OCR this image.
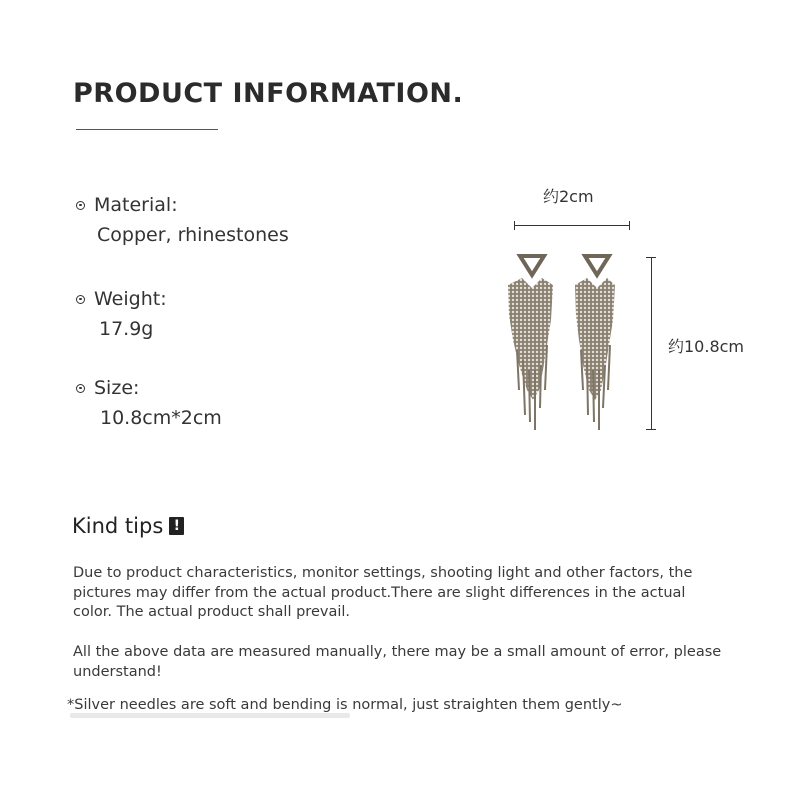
PRODUCT INFORMATION.
Material:
Copper, rhinestones
Weight:
17.9g
Size:
10.8cm*2cm
约2cm
约10.8cm
Kind tips !
Due to product characteristics, monitor settings, shooting light and other factors, the pictures may differ from the actual product.There are slight differences in the actual color. The actual product shall prevail.
All the above data are measured manually, there may be a small amount of error, please understand!
*Silver needles are soft and bending is normal, just straighten them gently~
